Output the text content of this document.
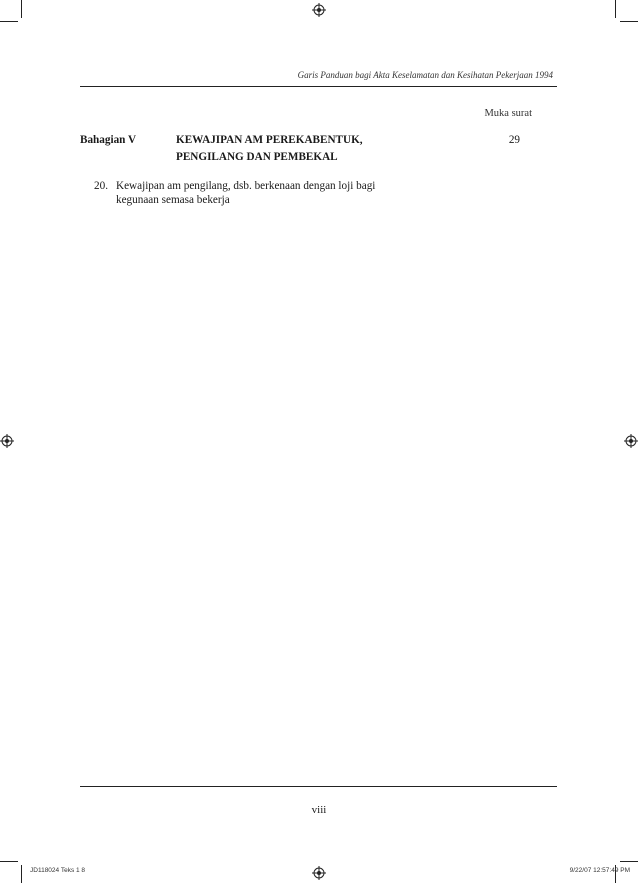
Garis Panduan bagi Akta Keselamatan dan Kesihatan Pekerjaan 1994
Muka surat
Bahagian V	KEWAJIPAN AM PEREKABENTUK,
PENGILANG DAN PEMBEKAL
29
20. Kewajipan am pengilang, dsb. berkenaan dengan loji bagi
kegunaan semasa bekerja
viii
JD118024 Teks 1 8	9/22/07 12:57:49 PM
